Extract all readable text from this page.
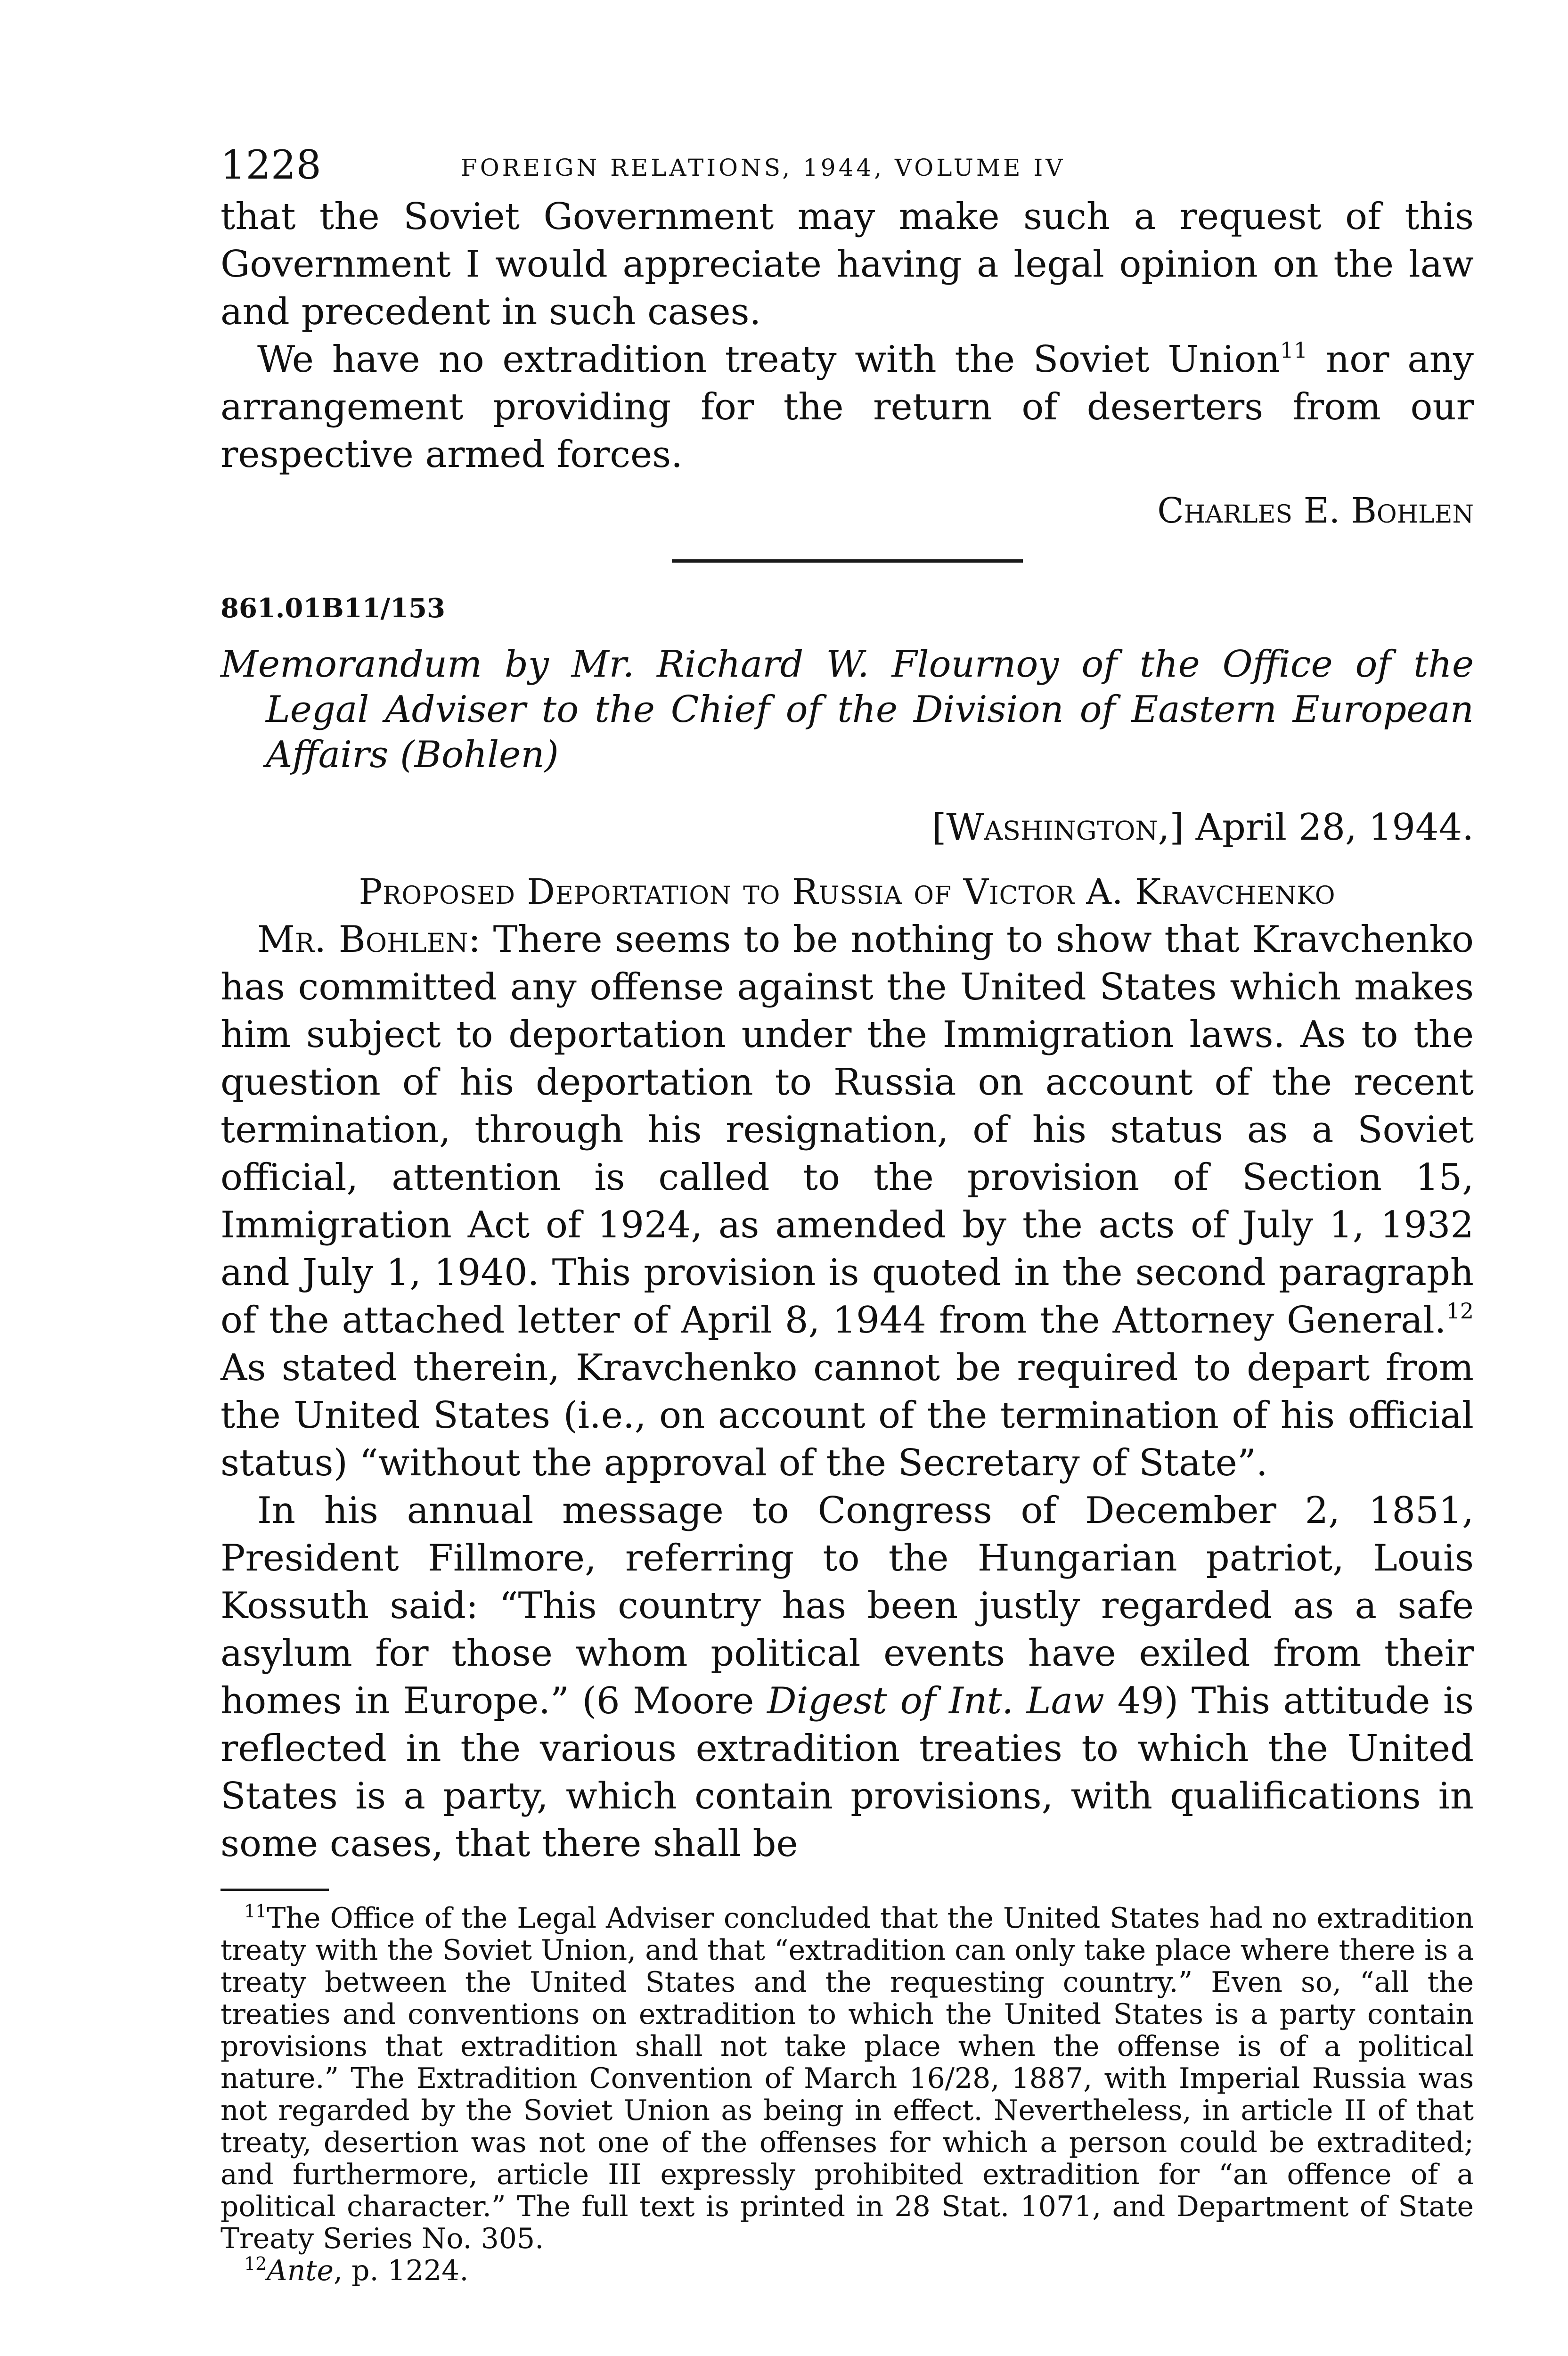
1228	FOREIGN RELATIONS, 1944, VOLUME IV

that the Soviet Government may make such a request of this Government I would appreciate having a legal opinion on the law and precedent in such cases.

We have no extradition treaty with the Soviet Union$^{11}$ nor any arrangement providing for the return of deserters from our respective armed forces.

Charles E. Bohlen
861.01B11/153
Memorandum by Mr. Richard W. Flournoy of the Office of the Legal Adviser to the Chief of the Division of Eastern European Affairs (Bohlen)
[Washington,] April 28, 1944.
Proposed Deportation to Russia of Victor A. Kravchenko

Mr. Bohlen: There seems to be nothing to show that Kravchenko has committed any offense against the United States which makes him subject to deportation under the Immigration laws. As to the question of his deportation to Russia on account of the recent termination, through his resignation, of his status as a Soviet official, attention is called to the provision of Section 15, Immigration Act of 1924, as amended by the acts of July 1, 1932 and July 1, 1940. This provision is quoted in the second paragraph of the attached letter of April 8, 1944 from the Attorney General.$^{12}$ As stated therein, Kravchenko cannot be required to depart from the United States (i.e., on account of the termination of his official status) “without the approval of the Secretary of State”.

In his annual message to Congress of December 2, 1851, President Fillmore, referring to the Hungarian patriot, Louis Kossuth said: “This country has been justly regarded as a safe asylum for those whom political events have exiled from their homes in Europe.” (6 Moore Digest of Int. Law 49) This attitude is reflected in the various extradition treaties to which the United States is a party, which contain provisions, with qualifications in some cases, that there shall be

$^{11}$The Office of the Legal Adviser concluded that the United States had no extradition treaty with the Soviet Union, and that “extradition can only take place where there is a treaty between the United States and the requesting country.” Even so, “all the treaties and conventions on extradition to which the United States is a party contain provisions that extradition shall not take place when the offense is of a political nature.” The Extradition Convention of March 16/28, 1887, with Imperial Russia was not regarded by the Soviet Union as being in effect. Nevertheless, in article II of that treaty, desertion was not one of the offenses for which a person could be extradited; and furthermore, article III expressly prohibited extradition for “an offence of a political character.” The full text is printed in 28 Stat. 1071, and Department of State Treaty Series No. 305.

$^{12}$Ante, p. 1224.
